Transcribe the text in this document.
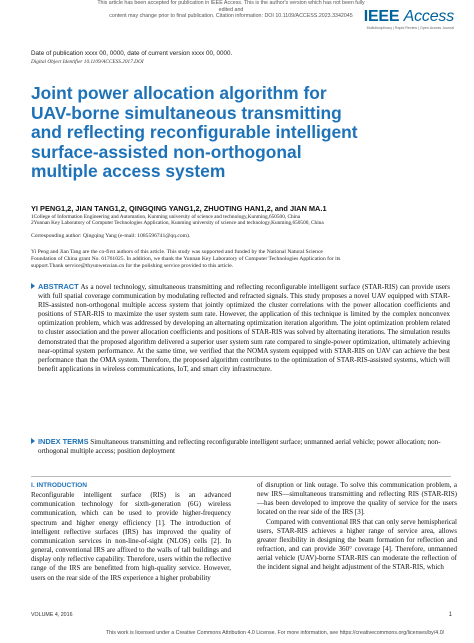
This article has been accepted for publication in IEEE Access. This is the author's version which has not been fully edited and
content may change prior to final publication. Citation information: DOI 10.1109/ACCESS.2023.3342045 IEEE Access
Multidisciplinary | Rapid Review | Open Access Journal
Date of publication xxxx 00, 0000, date of current version xxxx 00, 0000.
Digital Object Identifier 10.1109/ACCESS.2017.DOI
Joint power allocation algorithm for
UAV-borne simultaneous transmitting
and reflecting reconfigurable intelligent
surface-assisted non-orthogonal
multiple access system
YI PENG1,2, JIAN TANG1,2, QINGQING YANG1,2, ZHUOTING HAN1,2, and JIAN MA.1
1College of Information Engineering and Automation, Kunming university of science and technology,Kunming,650500, China
2Yunnan Key Laboratory of Computer Technologies Application, Kunming university of science and technology,Kunming,650500, China
Corresponding author: Qingqing Yang (e-mail: 1085596741@qq.com).
Yi Peng and Jian Tang are the co-first authors of this article. This study was supported and funded by the National Natural Science
Foundation of China grant No. 61761025. In addition, we thank the Yunnan Key Laboratory of Computer Technologies Application for its
support.Thank service@thyunwenxian.cn for the polishing service provided to this article.
ABSTRACT As a novel technology, simultaneous transmitting and reflecting reconfigurable intelligent surface (STAR-RIS) can provide users with full spatial coverage communication by modulating reflected and refracted signals. This study proposes a novel UAV equipped with STAR-RIS-assisted non-orthogonal multiple access system that jointly optimized the cluster correlations with the power allocation coefficients and positions of STAR-RIS to maximize the user system sum rate. However, the application of this technique is limited by the complex nonconvex optimization problem, which was addressed by developing an alternating optimization iteration algorithm. The joint optimization problem related to cluster association and the power allocation coefficients and positions of STAR-RIS was solved by alternating iterations. The simulation results demonstrated that the proposed algorithm delivered a superior user system sum rate compared to single-power optimization, ultimately achieving near-optimal system performance. At the same time, we verified that the NOMA system equipped with STAR-RIS on UAV can achieve the best performance than the OMA system. Therefore, the proposed algorithm contributes to the optimization of STAR-RIS-assisted systems, which will benefit applications in wireless communications, IoT, and smart city infrastructure.
INDEX TERMS Simultaneous transmitting and reflecting reconfigurable intelligent surface; unmanned aerial vehicle; power allocation; non-orthogonal multiple access; position deployment
I. INTRODUCTION

Reconfigurable intelligent surface (RIS) is an advanced communication technology for sixth-generation (6G) wireless communication, which can be used to provide higher-frequency spectrum and higher energy efficiency [1]. The introduction of intelligent reflective surfaces (IRS) has improved the quality of communication services in non-line-of-sight (NLOS) cells [2]. In general, conventional IRS are affixed to the walls of tall buildings and display only reflective capability. Therefore, users within the reflective range of the IRS are benefitted from high-quality service. However, users on the rear side of the IRS experience a higher probability

of disruption or link outage. To solve this communication problem, a new IRS—simultaneous transmitting and reflecting RIS (STAR-RIS)—has been developed to improve the quality of service for the users located on the rear side of the IRS [3].

Compared with conventional IRS that can only serve hemispherical users, STAR-RIS achieves a higher range of service area, allows greater flexibility in designing the beam formation for reflection and refraction, and can provide 360° coverage [4]. Therefore, unmanned aerial vehicle (UAV)-borne STAR-RIS can moderate the reflection of the incident signal and height adjustment of the STAR-RIS, which

VOLUME 4, 2016	1
This work is licensed under a Creative Commons Attribution 4.0 License. For more information, see https://creativecommons.org/licenses/by/4.0/
